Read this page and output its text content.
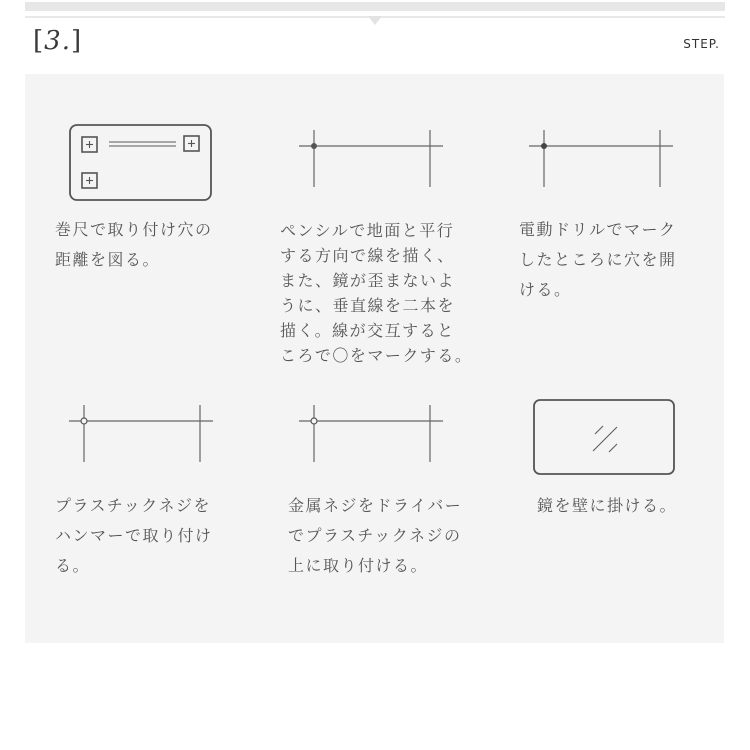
[3.]	STEP.

巻尺で取り付け穴の
距離を図る。

ペンシルで地面と平行
する方向で線を描く、
また、鏡が歪まないよ
うに、垂直線を二本を
描く。線が交互すると
ころで〇をマークする。

電動ドリルでマーク
したところに穴を開
ける。

プラスチックネジを
ハンマーで取り付け
る。

金属ネジをドライバー
でプラスチックネジの
上に取り付ける。

鏡を壁に掛ける。
